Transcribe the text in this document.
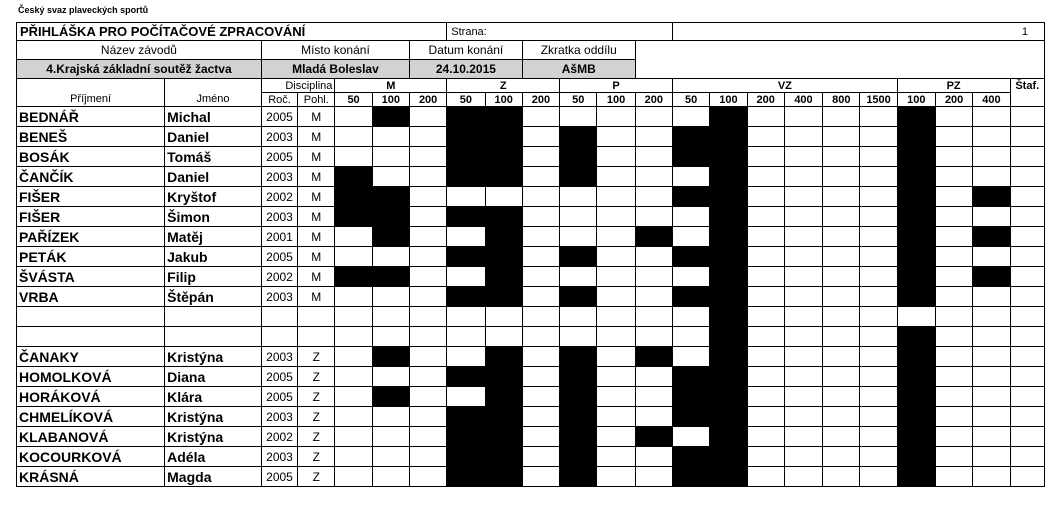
Český svaz plaveckých sportů
PŘIHLÁŠKA PRO POČÍTAČOVÉ ZPRACOVÁNÍ							Strana:						1									
Název závodů		Místo konání				Datum konání			Zkratka oddílu													
4.Krajská základní soutěž žactva		Mladá Boleslav				24.10.2015			AšMB													
		Disciplina		M			Z			P			VZ						PZ			Štaf.
Příjmení	Jméno	Roč.	Pohl.	50	100	200	50	100	200	50	100	200	50	100	200	400	800	1500	100	200	400	
BEDNÁŘ	Michal	2005	M																			
BENEŠ	Daniel	2003	M																			
BOSÁK	Tomáš	2005	M																			
ČANČÍK	Daniel	2003	M																			
FIŠER	Kryštof	2002	M																			
FIŠER	Šimon	2003	M																			
PAŘÍZEK	Matěj	2001	M																			
PETÁK	Jakub	2005	M																			
ŠVÁSTA	Filip	2002	M																			
VRBA	Štěpán	2003	M																			

ČANAKY	Kristýna	2003	Z																			
HOMOLKOVÁ	Diana	2005	Z																			
HORÁKOVÁ	Klára	2005	Z																			
CHMELÍKOVÁ	Kristýna	2003	Z																			
KLABANOVÁ	Kristýna	2002	Z																			
KOCOURKOVÁ	Adéla	2003	Z																			
KRÁSNÁ	Magda	2005	Z																			
